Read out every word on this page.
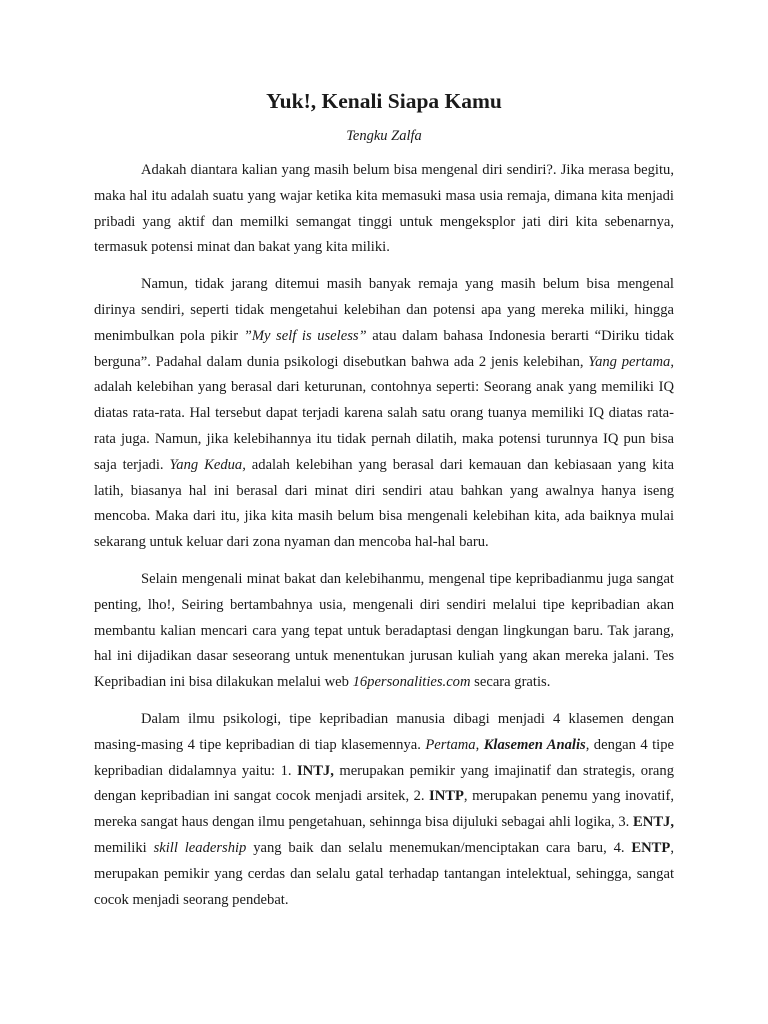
Yuk!, Kenali Siapa Kamu
Tengku Zalfa

Adakah diantara kalian yang masih belum bisa mengenal diri sendiri?. Jika merasa begitu, maka hal itu adalah suatu yang wajar ketika kita memasuki masa usia remaja, dimana kita menjadi pribadi yang aktif dan memilki semangat tinggi untuk mengeksplor jati diri kita sebenarnya, termasuk potensi minat dan bakat yang kita miliki.

Namun, tidak jarang ditemui masih banyak remaja yang masih belum bisa mengenal dirinya sendiri, seperti tidak mengetahui kelebihan dan potensi apa yang mereka miliki, hingga menimbulkan pola pikir ”My self is useless” atau dalam bahasa Indonesia berarti “Diriku tidak berguna”. Padahal dalam dunia psikologi disebutkan bahwa ada 2 jenis kelebihan, Yang pertama, adalah kelebihan yang berasal dari keturunan, contohnya seperti: Seorang anak yang memiliki IQ diatas rata-rata. Hal tersebut dapat terjadi karena salah satu orang tuanya memiliki IQ diatas rata-rata juga. Namun, jika kelebihannya itu tidak pernah dilatih, maka potensi turunnya IQ pun bisa saja terjadi. Yang Kedua, adalah kelebihan yang berasal dari kemauan dan kebiasaan yang kita latih, biasanya hal ini berasal dari minat diri sendiri atau bahkan yang awalnya hanya iseng mencoba. Maka dari itu, jika kita masih belum bisa mengenali kelebihan kita, ada baiknya mulai sekarang untuk keluar dari zona nyaman dan mencoba hal-hal baru.

Selain mengenali minat bakat dan kelebihanmu, mengenal tipe kepribadianmu juga sangat penting, lho!, Seiring bertambahnya usia, mengenali diri sendiri melalui tipe kepribadian akan membantu kalian mencari cara yang tepat untuk beradaptasi dengan lingkungan baru. Tak jarang, hal ini dijadikan dasar seseorang untuk menentukan jurusan kuliah yang akan mereka jalani. Tes Kepribadian ini bisa dilakukan melalui web 16personalities.com secara gratis.

Dalam ilmu psikologi, tipe kepribadian manusia dibagi menjadi 4 klasemen dengan masing-masing 4 tipe kepribadian di tiap klasemennya. Pertama, Klasemen Analis, dengan 4 tipe kepribadian didalamnya yaitu: 1. INTJ, merupakan pemikir yang imajinatif dan strategis, orang dengan kepribadian ini sangat cocok menjadi arsitek, 2. INTP, merupakan penemu yang inovatif, mereka sangat haus dengan ilmu pengetahuan, sehinnga bisa dijuluki sebagai ahli logika, 3. ENTJ, memiliki skill leadership yang baik dan selalu menemukan/menciptakan cara baru, 4. ENTP, merupakan pemikir yang cerdas dan selalu gatal terhadap tantangan intelektual, sehingga, sangat cocok menjadi seorang pendebat.
